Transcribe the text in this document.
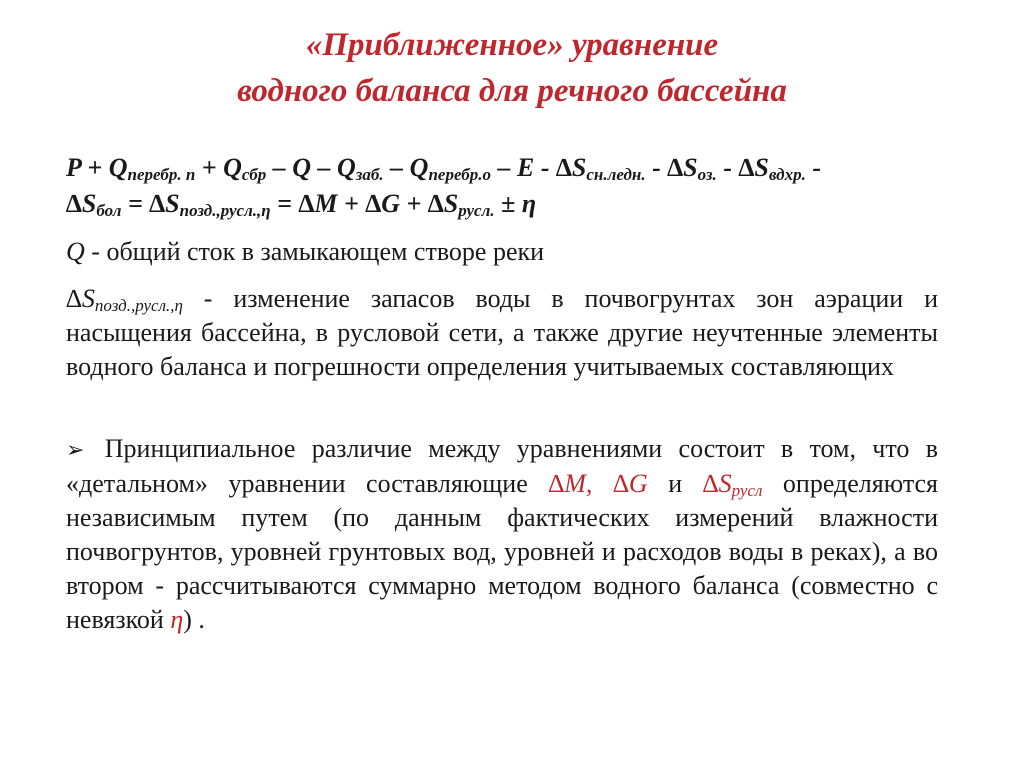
«Приближенное» уравнение
водного баланса для речного бассейна
$P + Q_{перебр. п} + Q_{сбр} - Q - Q_{заб.} - Q_{перебр.о} - E - \Delta S_{сн.ледн.} - \Delta S_{оз.} - \Delta S_{вдхр.}$ -
$\Delta S_{бол} = \Delta S_{позд.,русл.,\eta} = \Delta M + \Delta G + \Delta S_{русл.} \pm \eta$
Q - общий сток в замыкающем створе реки
$\Delta S_{позд.,русл.,\eta}$ - изменение запасов воды в почвогрунтах зон аэрации и насыщения бассейна, в русловой сети, а также другие неучтенные элементы водного баланса и погрешности определения учитываемых составляющих
➢ Принципиальное различие между уравнениями состоит в том, что в «детальном» уравнении составляющие ∆M, ∆G и $\Delta S_{русл}$ определяются независимым путем (по данным фактических измерений влажности почвогрунтов, уровней грунтовых вод, уровней и расходов воды в реках), а во втором - рассчитываются суммарно методом водного баланса (совместно с невязкой η) .
